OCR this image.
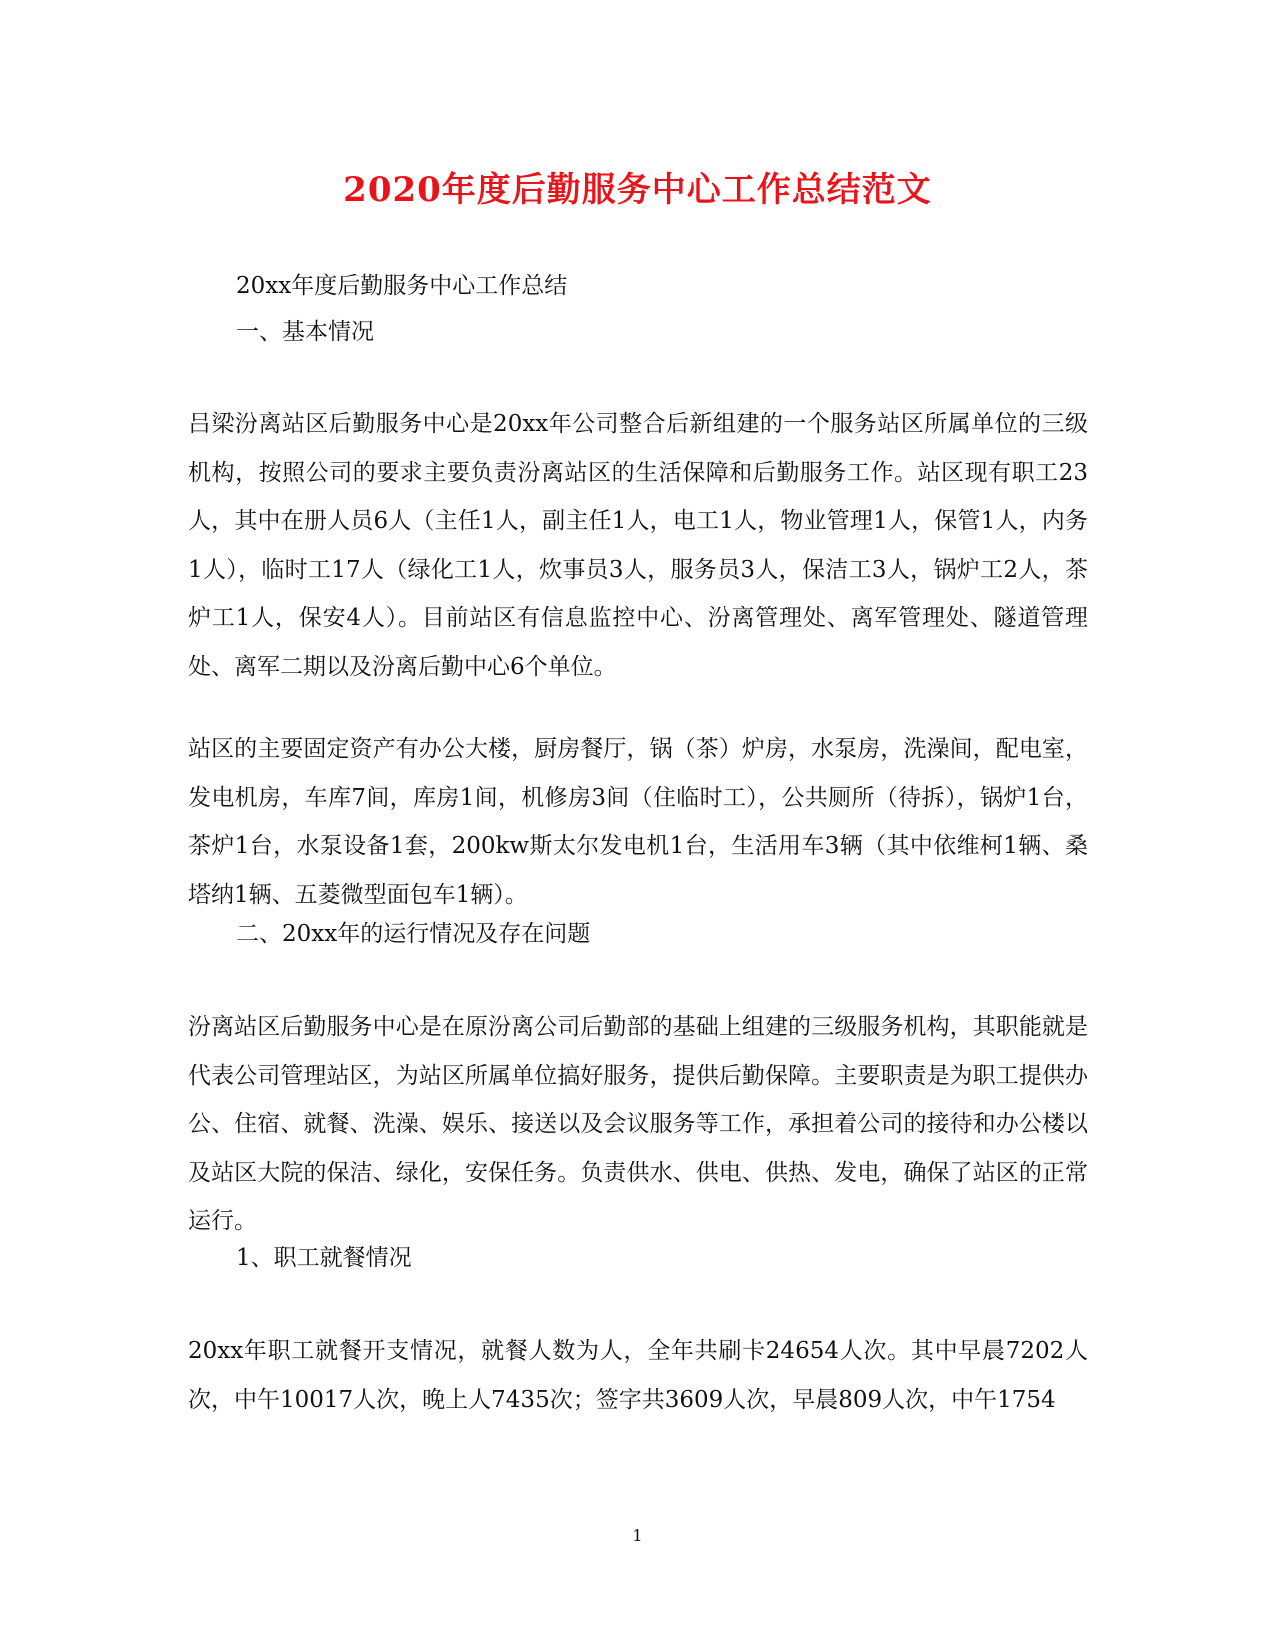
2020年度后勤服务中心工作总结范文
20xx年度后勤服务中心工作总结
一、基本情况
吕梁汾离站区后勤服务中心是20xx年公司整合后新组建的一个服务站区所属单位的三级机构，按照公司的要求主要负责汾离站区的生活保障和后勤服务工作。站区现有职工23人，其中在册人员6人（主任1人，副主任1人，电工1人，物业管理1人，保管1人，内务1人），临时工17人（绿化工1人，炊事员3人，服务员3人，保洁工3人，锅炉工2人，茶炉工1人，保安4人）。目前站区有信息监控中心、汾离管理处、离军管理处、隧道管理处、离军二期以及汾离后勤中心6个单位。
站区的主要固定资产有办公大楼，厨房餐厅，锅（茶）炉房，水泵房，洗澡间，配电室，发电机房，车库7间，库房1间，机修房3间（住临时工），公共厕所（待拆），锅炉1台，茶炉1台，水泵设备1套，200kw斯太尔发电机1台，生活用车3辆（其中依维柯1辆、桑塔纳1辆、五菱微型面包车1辆）。
二、20xx年的运行情况及存在问题
汾离站区后勤服务中心是在原汾离公司后勤部的基础上组建的三级服务机构，其职能就是代表公司管理站区，为站区所属单位搞好服务，提供后勤保障。主要职责是为职工提供办公、住宿、就餐、洗澡、娱乐、接送以及会议服务等工作，承担着公司的接待和办公楼以及站区大院的保洁、绿化，安保任务。负责供水、供电、供热、发电，确保了站区的正常运行。
1、职工就餐情况
20xx年职工就餐开支情况，就餐人数为人，全年共刷卡24654人次。其中早晨7202人次，中午10017人次，晚上人7435次；签字共3609人次，早晨809人次，中午1754
1
